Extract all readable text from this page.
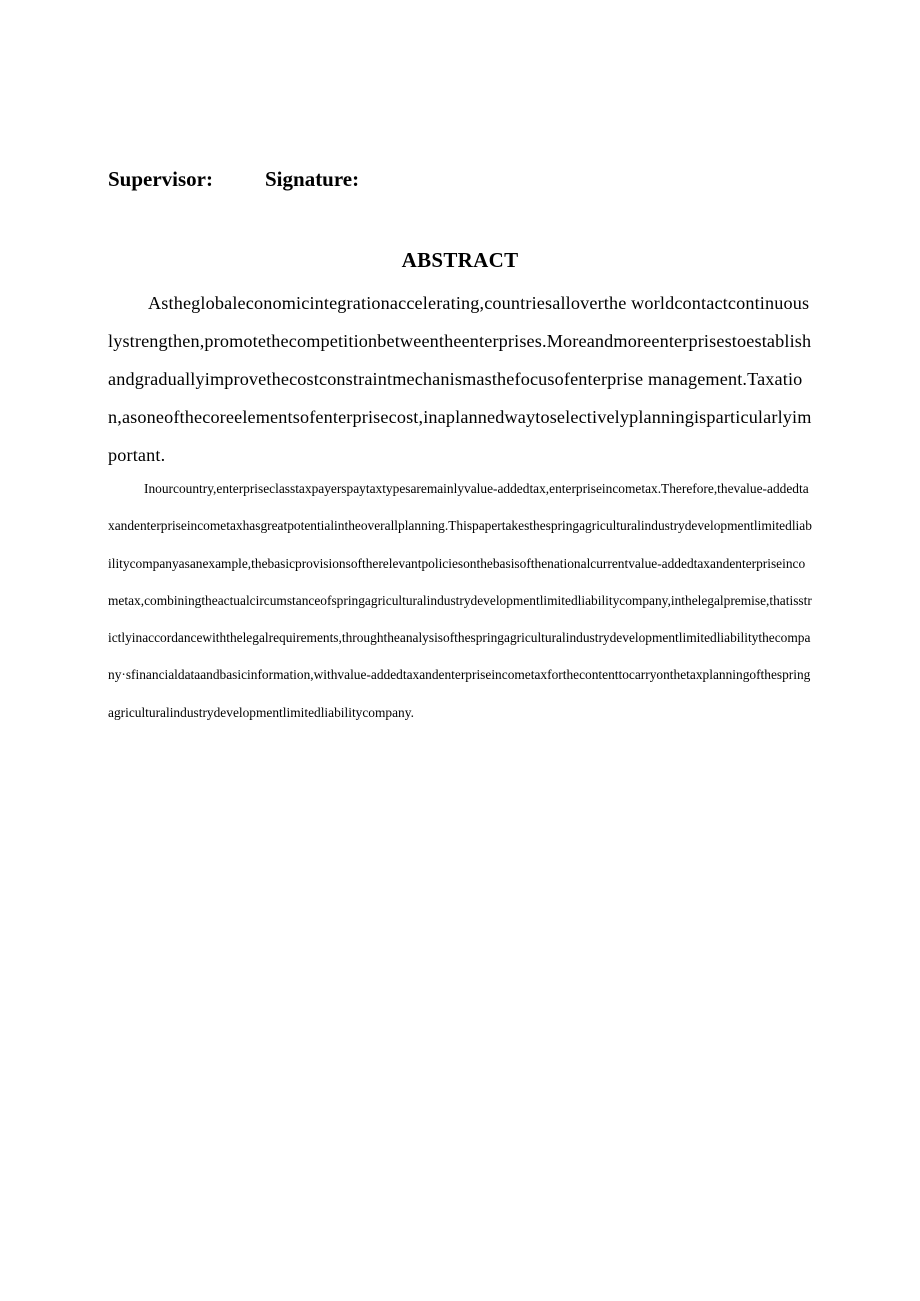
Supervisor: Signature:
ABSTRACT

Astheglobaleconomicintegrationaccelerating,countriesalloverthe worldcontactcontinuouslystrengthen,promotethecompetitionbetweentheenterprises.Moreandmoreenterprisestoestablishandgraduallyimprovethecostconstraintmechanismasthefocusofenterprise management.Taxation,asoneofthecoreelementsofenterprisecost,inaplannedwaytoselectivelyplanningisparticularlyimportant.

Inourcountry,enterpriseclasstaxpayerspaytaxtypesaremainlyvalue-addedtax,enterpriseincometax.Therefore,thevalue-addedtaxandenterpriseincometaxhasgreatpotentialintheoverallplanning.Thispapertakesthespringagriculturalindustrydevelopmentlimitedliabilitycompanyasanexample,thebasicprovisionsoftherelevantpoliciesonthebasisofthenationalcurrentvalue-addedtaxandenterpriseincometax,combiningtheactualcircumstanceofspringagriculturalindustrydevelopmentlimitedliabilitycompany,inthelegalpremise,thatisstrictlyinaccordancewiththelegalrequirements,throughtheanalysisofthespringagriculturalindustrydevelopmentlimitedliabilitythecompany·sfinancialdataandbasicinformation,withvalue-addedtaxandenterpriseincometaxforthecontenttocarryonthetaxplanningofthespringagriculturalindustrydevelopmentlimitedliabilitycompany.
